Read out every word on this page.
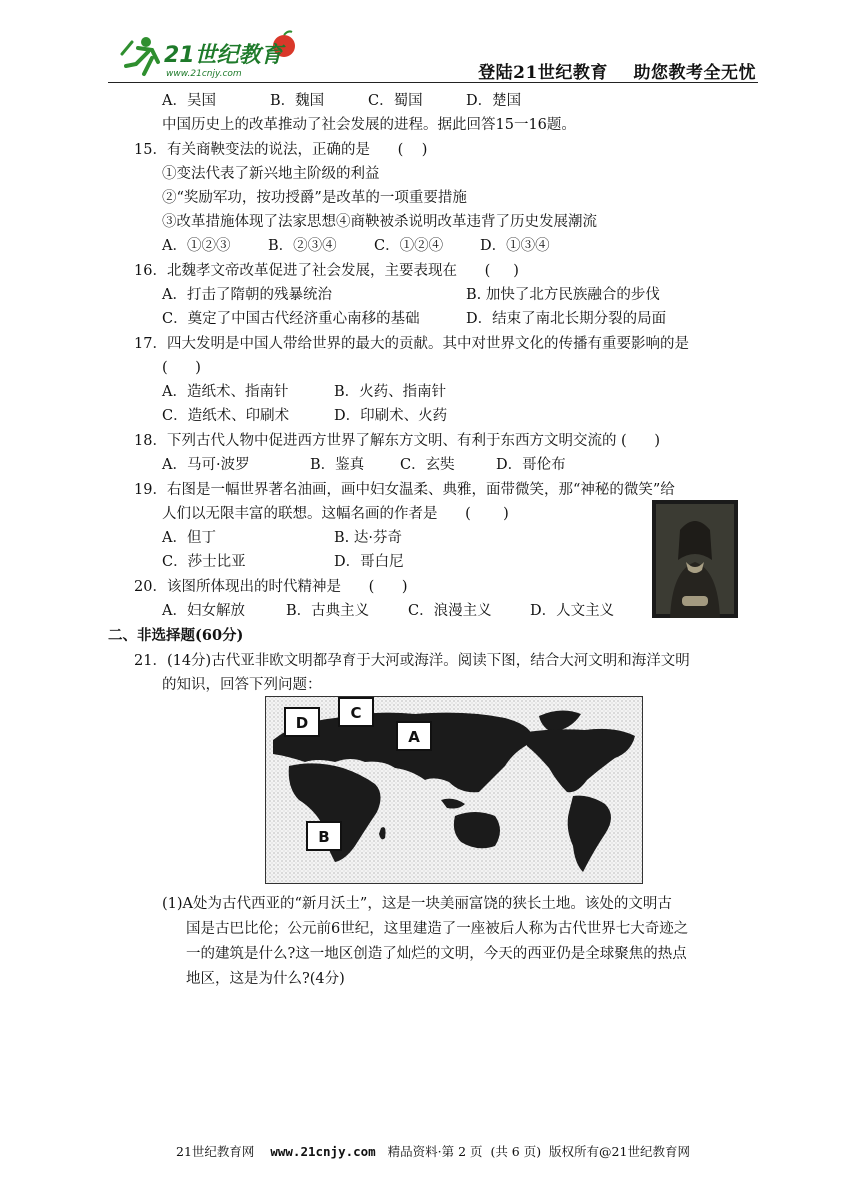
21世纪教育
www.21cnjy.com	登陆21世纪教育    助您教考全无忧
A．吴国	B．魏国	C．蜀国	D．楚国
中国历史上的改革推动了社会发展的进程。据此回答15一16题。
15．有关商鞅变法的说法，正确的是      (    )
①变法代表了新兴地主阶级的利益
②“奖励军功，按功授爵”是改革的一项重要措施
③改革措施体现了法家思想④商鞅被杀说明改革违背了历史发展潮流
A．①②③	B．②③④	C．①②④	D．①③④
16．北魏孝文帝改革促进了社会发展，主要表现在      (     )
A．打击了隋朝的残暴统治	B. 加快了北方民族融合的步伐
C．奠定了中国古代经济重心南移的基础	D．结束了南北长期分裂的局面
17．四大发明是中国人带给世界的最大的贡献。其中对世界文化的传播有重要影响的是
(      )
A．造纸术、指南针	B．火药、指南针
C．造纸术、印刷术	D．印刷术、火药
18．下列古代人物中促进西方世界了解东方文明、有利于东西方文明交流的 (      )
A．马可·波罗	B．鉴真 C．玄奘	D．哥伦布
19．右图是一幅世界著名油画，画中妇女温柔、典雅，面带微笑，那“神秘的微笑”给
人们以无限丰富的联想。这幅名画的作者是      (       )
A．但丁	B. 达·芬奇
C．莎士比亚	D．哥白尼
20．该图所体现出的时代精神是      (      )
A．妇女解放	B．古典主义	C．浪漫主义	D．人文主义
二、非选择题(60分)
21．(14分)古代亚非欧文明都孕育于大河或海洋。阅读下图，结合大河文明和海洋文明
的知识，回答下列问题：
D
C
A
B
(1)A处为古代西亚的“新月沃土”，这是一块美丽富饶的狭长土地。该处的文明古
国是古巴比伦；公元前6世纪，这里建造了一座被后人称为古代世界七大奇迹之
一的建筑是什么?这一地区创造了灿烂的文明，今天的西亚仍是全球聚焦的热点
地区，这是为什么?(4分)
21世纪教育网 www.21cnjy.com 精品资料·第 2 页  (共 6 页)  版权所有@21世纪教育网
